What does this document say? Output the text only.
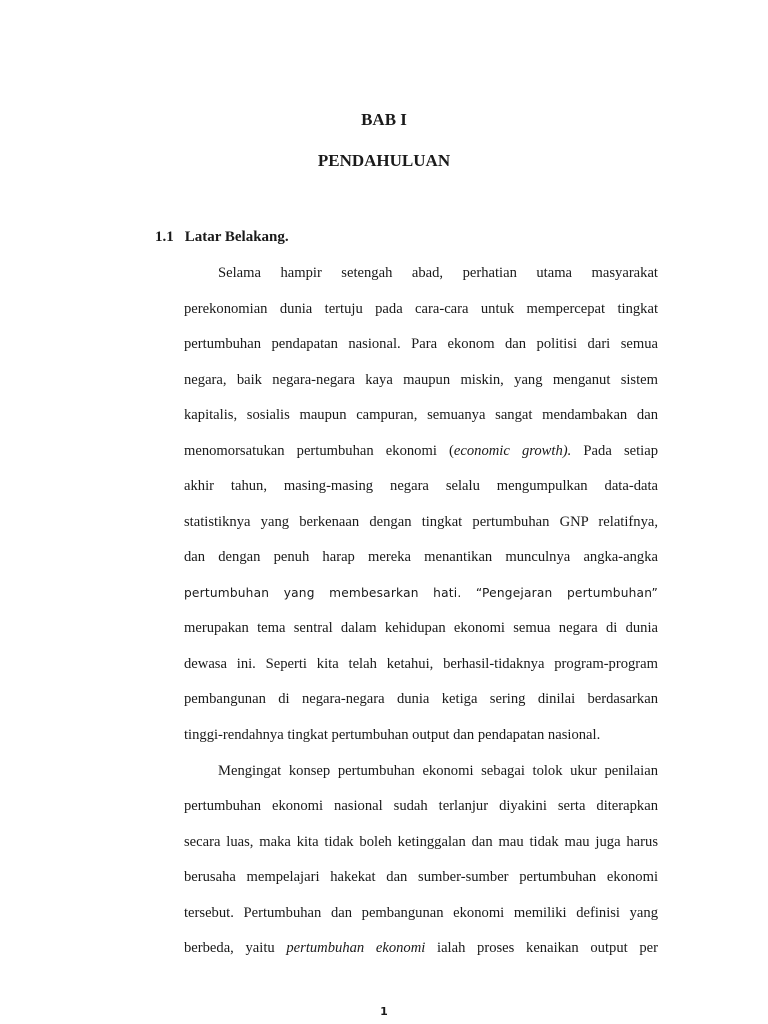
BAB I
PENDAHULUAN
1.1 Latar Belakang.
Selama hampir setengah abad, perhatian utama masyarakat
perekonomian dunia tertuju pada cara-cara untuk mempercepat tingkat
pertumbuhan pendapatan nasional. Para ekonom dan politisi dari semua
negara, baik negara-negara kaya maupun miskin, yang menganut sistem
kapitalis, sosialis maupun campuran, semuanya sangat mendambakan dan
menomorsatukan pertumbuhan ekonomi (economic growth). Pada setiap
akhir tahun, masing-masing negara selalu mengumpulkan data-data
statistiknya yang berkenaan dengan tingkat pertumbuhan GNP relatifnya,
dan dengan penuh harap mereka menantikan munculnya angka-angka
pertumbuhan yang membesarkan hati. “Pengejaran pertumbuhan”
merupakan tema sentral dalam kehidupan ekonomi semua negara di dunia
dewasa ini. Seperti kita telah ketahui, berhasil-tidaknya program-program
pembangunan di negara-negara dunia ketiga sering dinilai berdasarkan
tinggi-rendahnya tingkat pertumbuhan output dan pendapatan nasional.
Mengingat konsep pertumbuhan ekonomi sebagai tolok ukur penilaian
pertumbuhan ekonomi nasional sudah terlanjur diyakini serta diterapkan
secara luas, maka kita tidak boleh ketinggalan dan mau tidak mau juga harus
berusaha mempelajari hakekat dan sumber-sumber pertumbuhan ekonomi
tersebut. Pertumbuhan dan pembangunan ekonomi memiliki definisi yang
berbeda, yaitu pertumbuhan ekonomi ialah proses kenaikan output per
1
